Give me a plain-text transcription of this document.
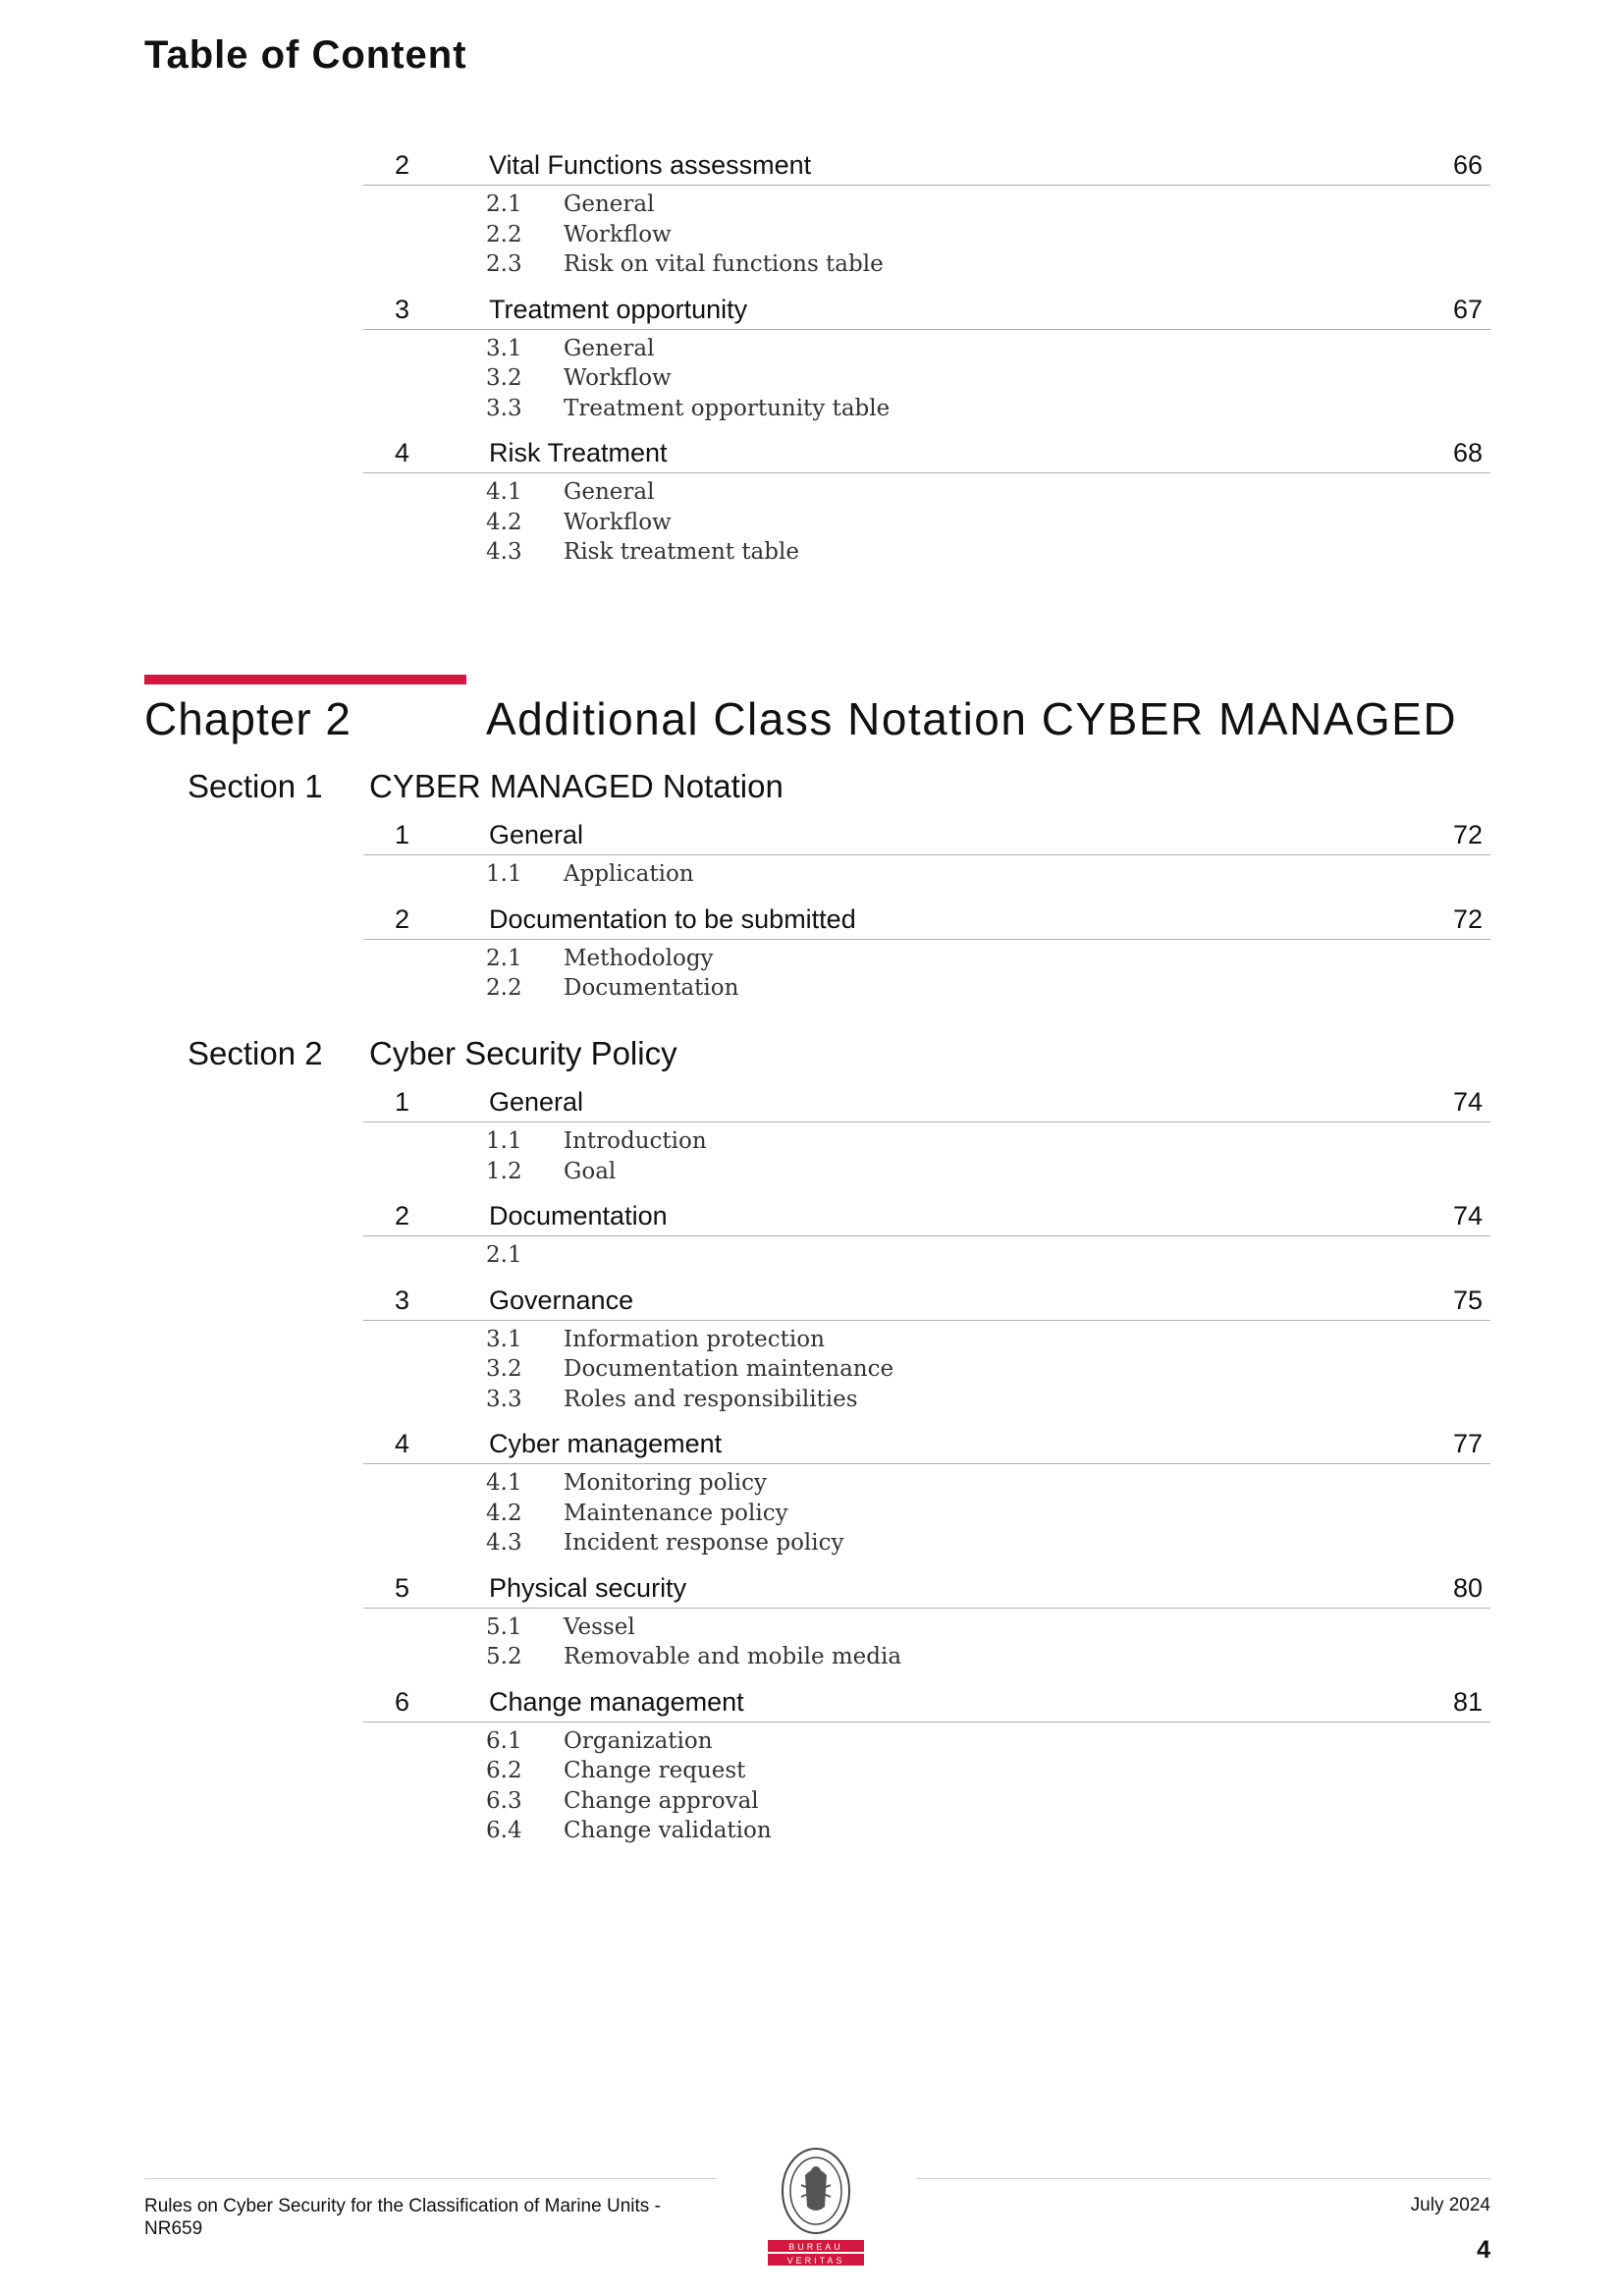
Table of Content
2	Vital Functions assessment	66
2.1 General
2.2 Workflow
2.3 Risk on vital functions table
3	Treatment opportunity	67
3.1 General
3.2 Workflow
3.3 Treatment opportunity table
4	Risk Treatment	68
4.1 General
4.2 Workflow
4.3 Risk treatment table
Chapter 2	Additional Class Notation CYBER MANAGED
Section 1 CYBER MANAGED Notation
1	General	72
1.1 Application
2	Documentation to be submitted	72
2.1 Methodology
2.2 Documentation
Section 2 Cyber Security Policy
1	General	74
1.1 Introduction
1.2 Goal
2	Documentation	74
2.1
3	Governance	75
3.1 Information protection
3.2 Documentation maintenance
3.3 Roles and responsibilities
4	Cyber management	77
4.1 Monitoring policy
4.2 Maintenance policy
4.3 Incident response policy
5	Physical security	80
5.1 Vessel
5.2 Removable and mobile media
6	Change management	81
6.1 Organization
6.2 Change request
6.3 Change approval
6.4 Change validation
Rules on Cyber Security for the Classification of Marine Units - NR659
July 2024
4
BUREAU
VERITAS
